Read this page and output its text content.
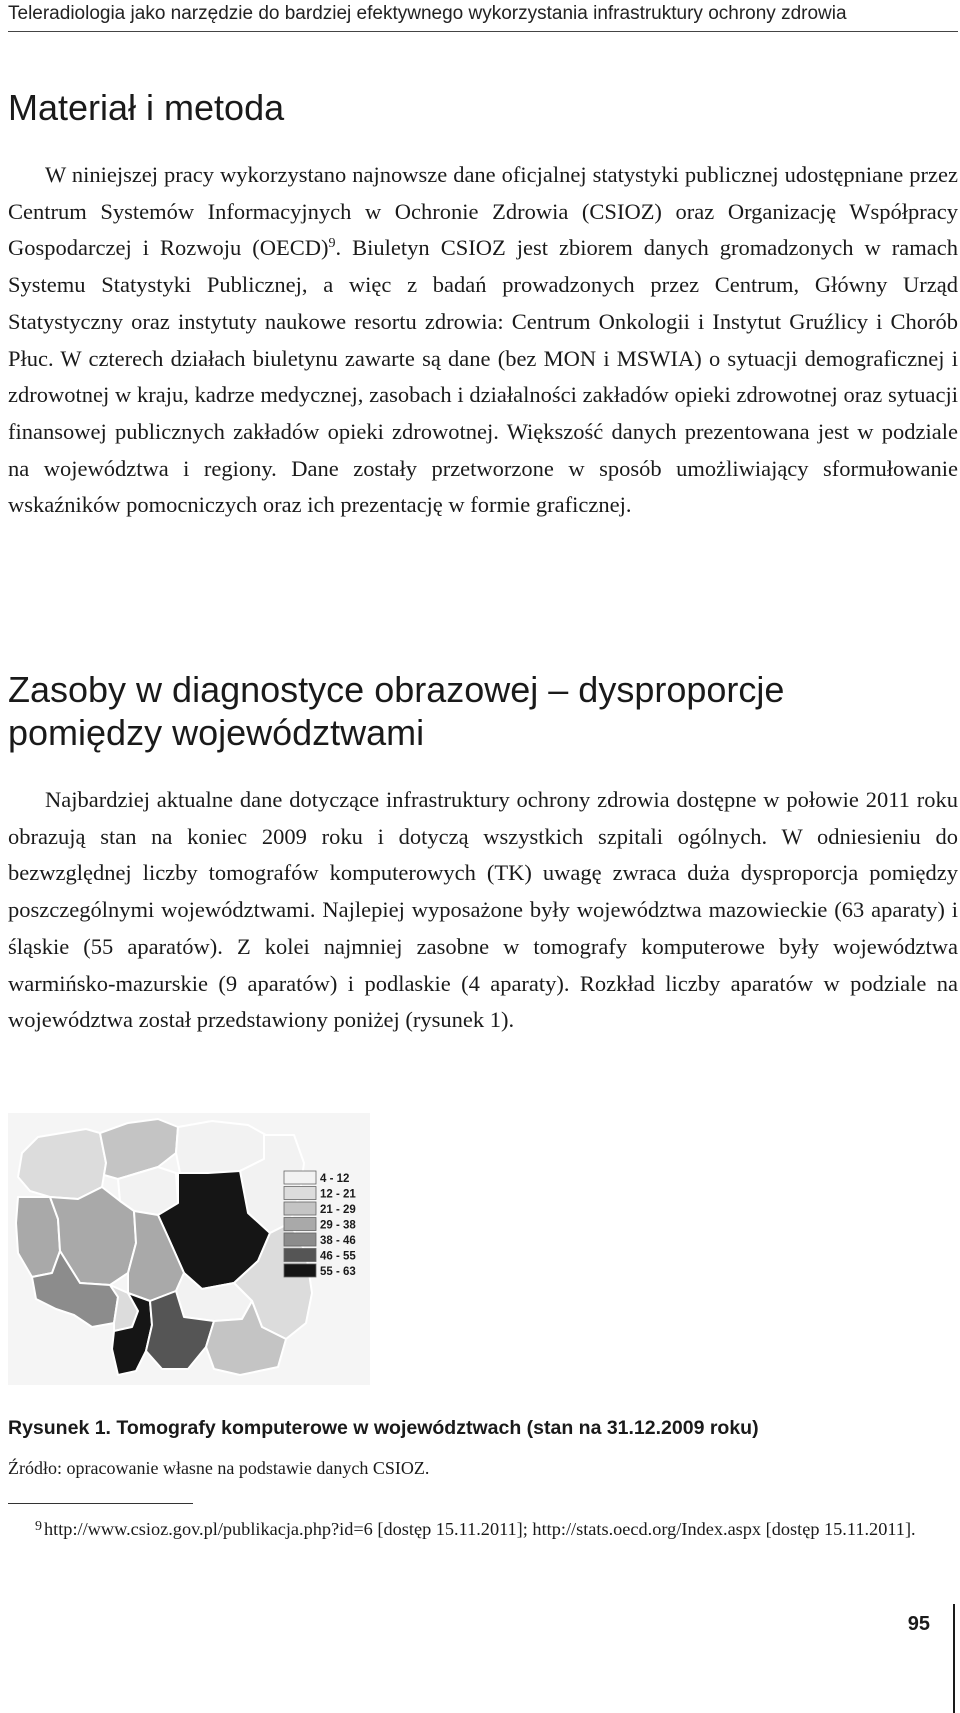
Teleradiologia jako narzędzie do bardziej efektywnego wykorzystania infrastruktury ochrony zdrowia
Materiał i metoda

W niniejszej pracy wykorzystano najnowsze dane oficjalnej statystyki publicznej udostępniane przez Centrum Systemów Informacyjnych w Ochronie Zdrowia (CSIOZ) oraz Organizację Współpracy Gospodarczej i Rozwoju (OECD)$^9$. Biuletyn CSIOZ jest zbiorem danych gromadzonych w ramach Systemu Statystyki Publicznej, a więc z badań prowadzonych przez Centrum, Główny Urząd Statystyczny oraz instytuty naukowe resortu zdrowia: Centrum Onkologii i Instytut Gruźlicy i Chorób Płuc. W czterech działach biuletynu zawarte są dane (bez MON i MSWIA) o sytuacji demograficznej i zdrowotnej w kraju, kadrze medycznej, zasobach i działalności zakładów opieki zdrowotnej oraz sytuacji finansowej publicznych zakładów opieki zdrowotnej. Większość danych prezentowana jest w podziale na województwa i regiony. Dane zostały przetworzone w sposób umożliwiający sformułowanie wskaźników pomocniczych oraz ich prezentację w formie graficznej.

Zasoby w diagnostyce obrazowej – dysproporcje pomiędzy województwami

Najbardziej aktualne dane dotyczące infrastruktury ochrony zdrowia dostępne w połowie 2011 roku obrazują stan na koniec 2009 roku i dotyczą wszystkich szpitali ogólnych. W odniesieniu do bezwzględnej liczby tomografów komputerowych (TK) uwagę zwraca duża dysproporcja pomiędzy poszczególnymi województwami. Najlepiej wyposażone były województwa mazowieckie (63 aparaty) i śląskie (55 aparatów). Z kolei najmniej zasobne w tomografy komputerowe były województwa warmińsko-mazurskie (9 aparatów) i podlaskie (4 aparaty). Rozkład liczby aparatów w podziale na województwa został przedstawiony poniżej (rysunek 1).

4 - 12
12 - 21
21 - 29
29 - 38
38 - 46
46 - 55
55 - 63
Rysunek 1. Tomografy komputerowe w województwach (stan na 31.12.2009 roku)
Źródło: opracowanie własne na podstawie danych CSIOZ.

9 http://www.csioz.gov.pl/publikacja.php?id=6 [dostęp 15.11.2011]; http://stats.oecd.org/Index.aspx [dostęp 15.11.2011].

95
